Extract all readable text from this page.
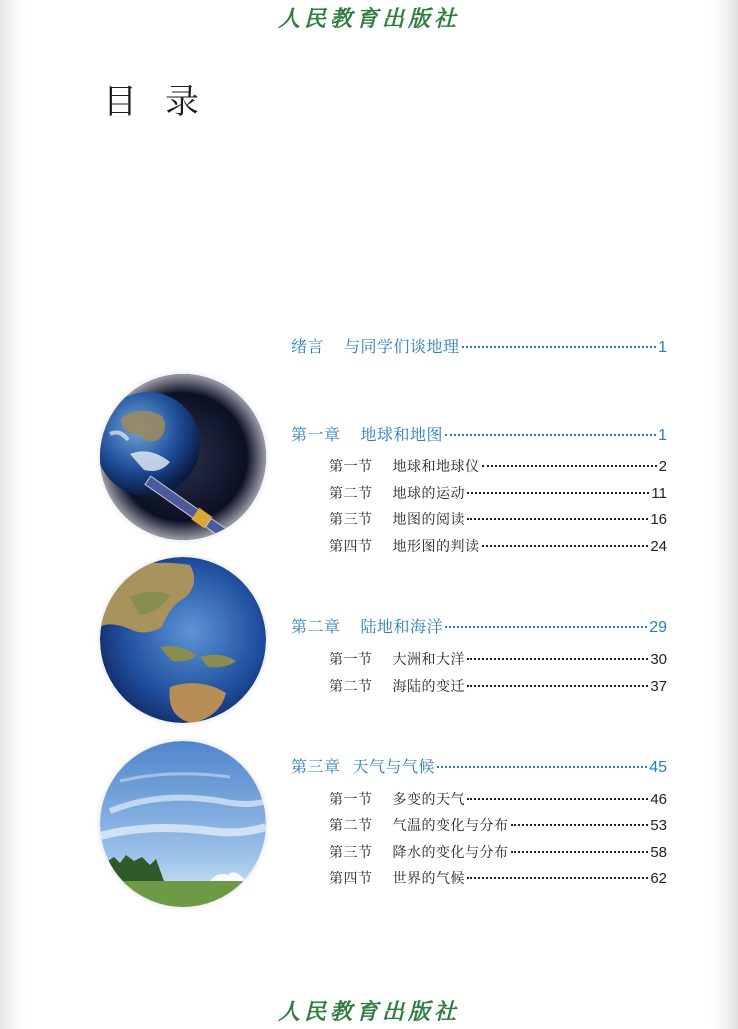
人民教育出版社
目录
绪言 与同学们谈地理	1
第一章 地球和地图	1
第一节 地球和地球仪	2
第二节 地球的运动	11
第三节 地图的阅读	16
第四节 地形图的判读	24
第二章 陆地和海洋	29
第一节 大洲和大洋	30
第二节 海陆的变迁	37
第三章 天气与气候	45
第一节 多变的天气	46
第二节 气温的变化与分布	53
第三节 降水的变化与分布	58
第四节 世界的气候	62
人民教育出版社
